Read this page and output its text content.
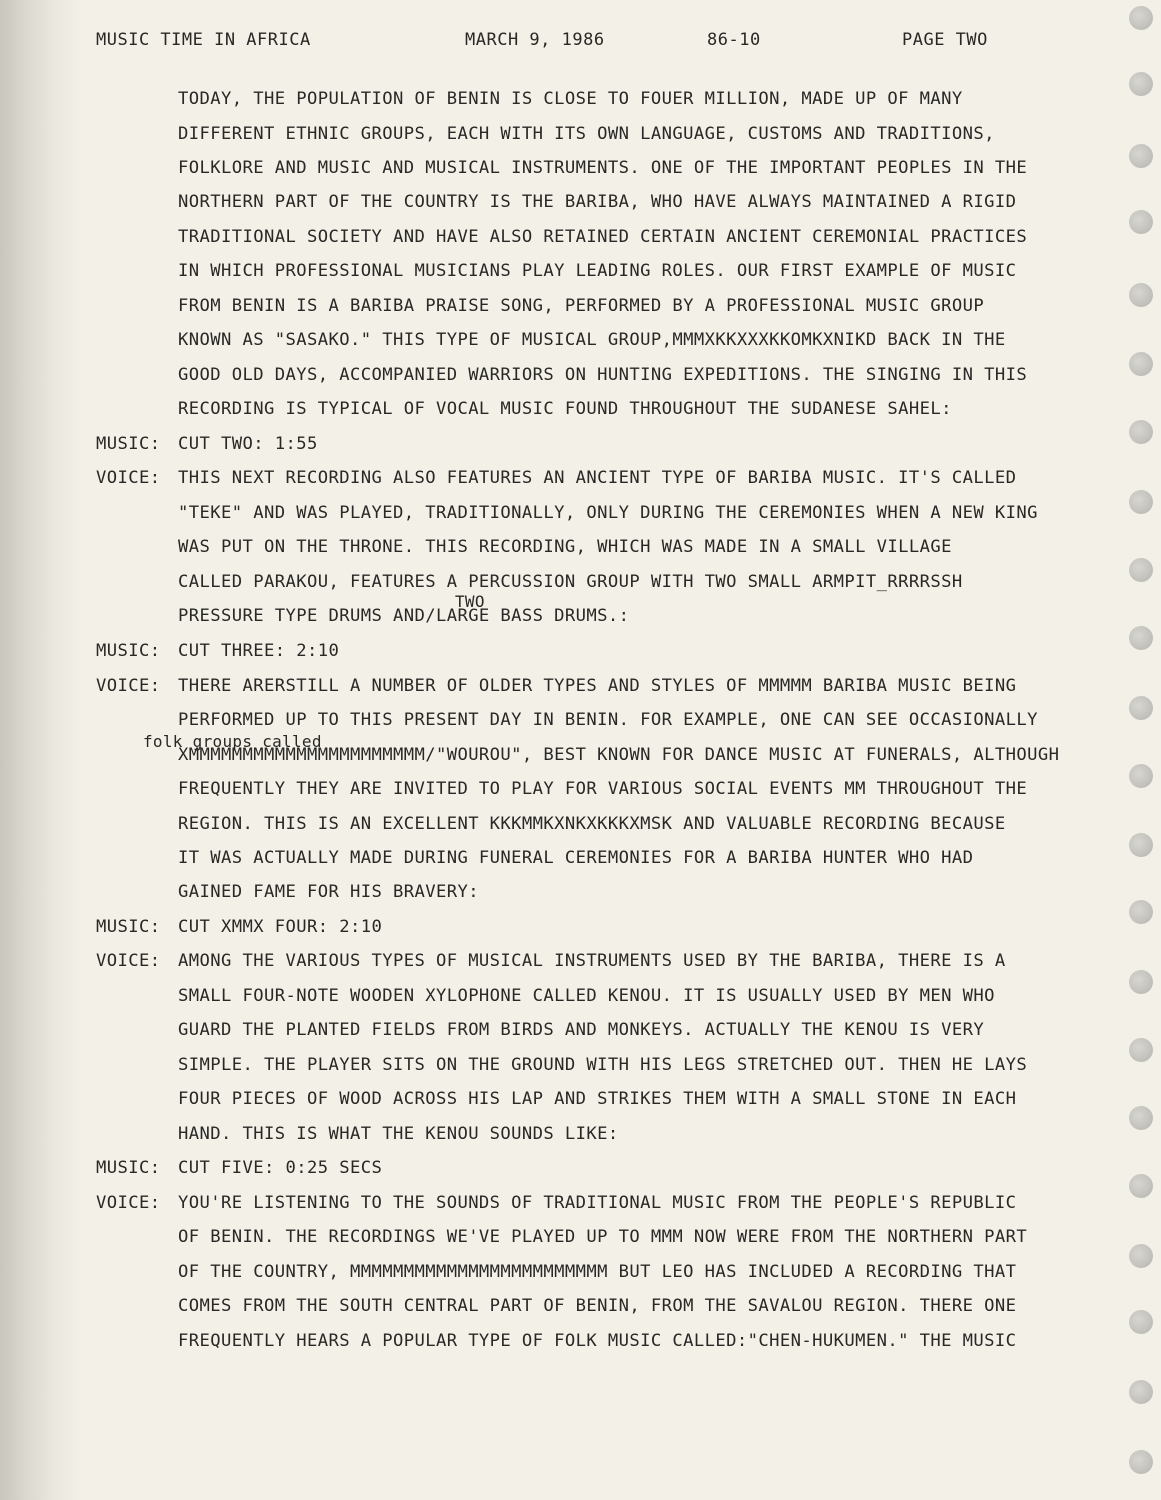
MUSIC TIME IN AFRICA	MARCH 9, 1986	86-10	PAGE TWO
TODAY, THE POPULATION OF BENIN IS CLOSE TO FOUER MILLION, MADE UP OF MANY
DIFFERENT ETHNIC GROUPS, EACH WITH ITS OWN LANGUAGE, CUSTOMS AND TRADITIONS,
FOLKLORE AND MUSIC AND MUSICAL INSTRUMENTS. ONE OF THE IMPORTANT PEOPLES IN THE
NORTHERN PART OF THE COUNTRY IS THE BARIBA, WHO HAVE ALWAYS MAINTAINED A RIGID
TRADITIONAL SOCIETY AND HAVE ALSO RETAINED CERTAIN ANCIENT CEREMONIAL PRACTICES
IN WHICH PROFESSIONAL MUSICIANS PLAY LEADING ROLES. OUR FIRST EXAMPLE OF MUSIC
FROM BENIN IS A BARIBA PRAISE SONG, PERFORMED BY A PROFESSIONAL MUSIC GROUP
KNOWN AS "SASAKO." THIS TYPE OF MUSICAL GROUP,MMMXKKXXXKKOMKXNIKD BACK IN THE
GOOD OLD DAYS, ACCOMPANIED WARRIORS ON HUNTING EXPEDITIONS. THE SINGING IN THIS
RECORDING IS TYPICAL OF VOCAL MUSIC FOUND THROUGHOUT THE SUDANESE SAHEL:
MUSIC: CUT TWO: 1:55
VOICE: THIS NEXT RECORDING ALSO FEATURES AN ANCIENT TYPE OF BARIBA MUSIC. IT'S CALLED
"TEKE" AND WAS PLAYED, TRADITIONALLY, ONLY DURING THE CEREMONIES WHEN A NEW KING
WAS PUT ON THE THRONE. THIS RECORDING, WHICH WAS MADE IN A SMALL VILLAGE
CALLED PARAKOU, FEATURES A PERCUSSION GROUP WITH TWO SMALL ARMPIT_RRRRSSH
TWO
PRESSURE TYPE DRUMS AND/LARGE BASS DRUMS.:
MUSIC: CUT THREE: 2:10
VOICE: THERE ARERSTILL A NUMBER OF OLDER TYPES AND STYLES OF MMMMM BARIBA MUSIC BEING
PERFORMED UP TO THIS PRESENT DAY IN BENIN. FOR EXAMPLE, ONE CAN SEE OCCASIONALLY
folk groups called
XMMMMMMMMMMMMMMMMMMMMMM/"WOUROU", BEST KNOWN FOR DANCE MUSIC AT FUNERALS, ALTHOUGH
FREQUENTLY THEY ARE INVITED TO PLAY FOR VARIOUS SOCIAL EVENTS MM THROUGHOUT THE
REGION. THIS IS AN EXCELLENT KKKMMKXNKXKKKXMSK AND VALUABLE RECORDING BECAUSE
IT WAS ACTUALLY MADE DURING FUNERAL CEREMONIES FOR A BARIBA HUNTER WHO HAD
GAINED FAME FOR HIS BRAVERY:
MUSIC: CUT XMMX FOUR: 2:10
VOICE: AMONG THE VARIOUS TYPES OF MUSICAL INSTRUMENTS USED BY THE BARIBA, THERE IS A
SMALL FOUR-NOTE WOODEN XYLOPHONE CALLED KENOU. IT IS USUALLY USED BY MEN WHO
GUARD THE PLANTED FIELDS FROM BIRDS AND MONKEYS. ACTUALLY THE KENOU IS VERY
SIMPLE. THE PLAYER SITS ON THE GROUND WITH HIS LEGS STRETCHED OUT. THEN HE LAYS
FOUR PIECES OF WOOD ACROSS HIS LAP AND STRIKES THEM WITH A SMALL STONE IN EACH
HAND. THIS IS WHAT THE KENOU SOUNDS LIKE:
MUSIC: CUT FIVE: 0:25 SECS
VOICE: YOU'RE LISTENING TO THE SOUNDS OF TRADITIONAL MUSIC FROM THE PEOPLE'S REPUBLIC
OF BENIN. THE RECORDINGS WE'VE PLAYED UP TO MMM NOW WERE FROM THE NORTHERN PART
OF THE COUNTRY, MMMMMMMMMMMMMMMMMMMMMMMM BUT LEO HAS INCLUDED A RECORDING THAT
COMES FROM THE SOUTH CENTRAL PART OF BENIN, FROM THE SAVALOU REGION. THERE ONE
FREQUENTLY HEARS A POPULAR TYPE OF FOLK MUSIC CALLED:"CHEN-HUKUMEN." THE MUSIC
